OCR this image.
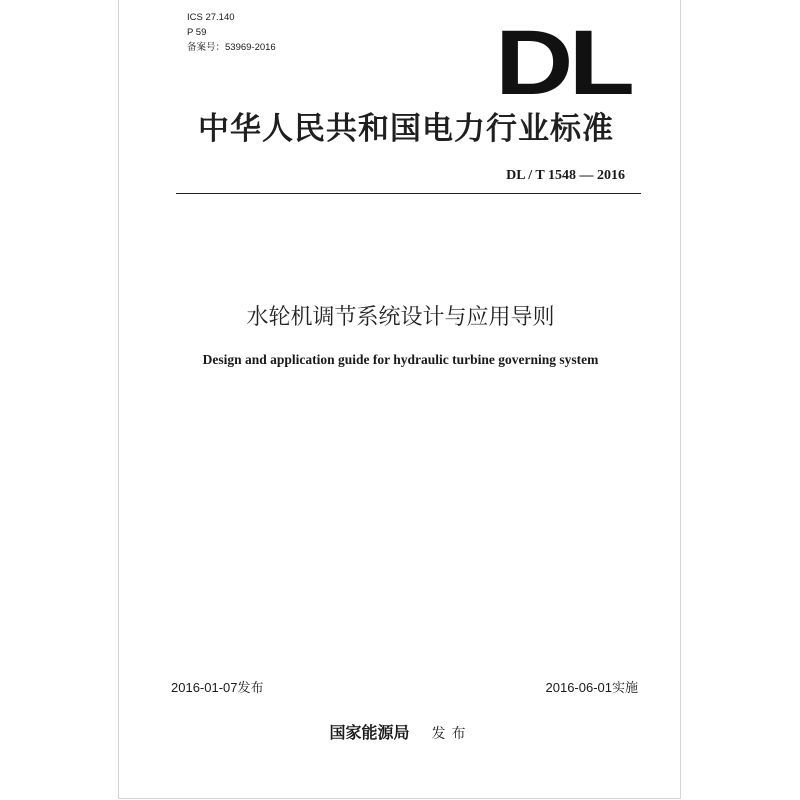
ICS 27.140
P 59
备案号：53969-2016 DL
中华人民共和国电力行业标准
DL / T 1548 — 2016
水轮机调节系统设计与应用导则
Design and application guide for hydraulic turbine governing system
2016-01-07发布	2016-06-01实施
国家能源局 发布
